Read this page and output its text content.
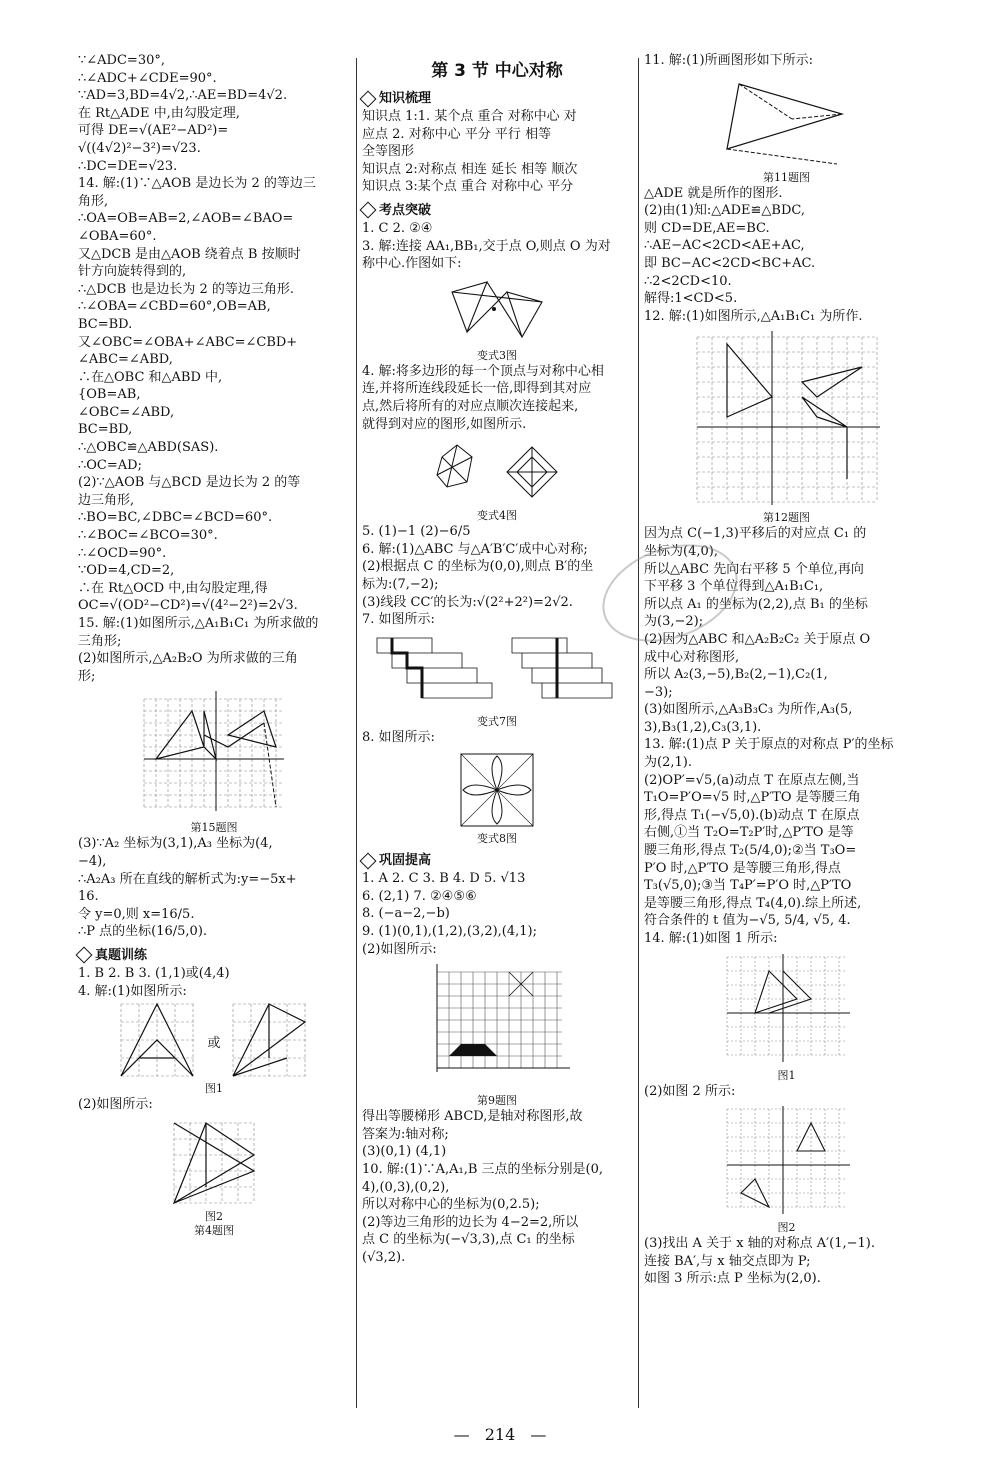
∵∠ADC=30°,
∴∠ADC+∠CDE=90°.
∵AD=3,BD=4√2,∴AE=BD=4√2.
在 Rt△ADE 中,由勾股定理,
可得 DE=√(AE²−AD²)=
√((4√2)²−3²)=√23.
∴DC=DE=√23.
14. 解:(1)∵△AOB 是边长为 2 的等边三
角形,
∴OA=OB=AB=2,∠AOB=∠BAO=
∠OBA=60°.
又△DCB 是由△AOB 绕着点 B 按顺时
针方向旋转得到的,
∴△DCB 也是边长为 2 的等边三角形.
∴∠OBA=∠CBD=60°,OB=AB,
BC=BD.
又∠OBC=∠OBA+∠ABC=∠CBD+
∠ABC=∠ABD,
∴在△OBC 和△ABD 中,
{OB=AB,
∠OBC=∠ABD,
BC=BD,
∴△OBC≌△ABD(SAS).
∴OC=AD;
(2)∵△AOB 与△BCD 是边长为 2 的等
边三角形,
∴BO=BC,∠DBC=∠BCD=60°.
∴∠BOC=∠BCO=30°.
∴∠OCD=90°.
∵OD=4,CD=2,
∴在 Rt△OCD 中,由勾股定理,得
OC=√(OD²−CD²)=√(4²−2²)=2√3.
15. 解:(1)如图所示,△A₁B₁C₁ 为所求做的
三角形;
(2)如图所示,△A₂B₂O 为所求做的三角
形;
第15题图
(3)∵A₂ 坐标为(3,1),A₃ 坐标为(4,
−4),
∴A₂A₃ 所在直线的解析式为:y=−5x+
16.
令 y=0,则 x=16/5.
∴P 点的坐标(16/5,0).
真题训练
1. B 2. B 3. (1,1)或(4,4)
4. 解:(1)如图所示:
或
图1
(2)如图所示:
图2
第4题图
第 3 节 中心对称
知识梳理
知识点 1:1. 某个点 重合 对称中心 对
应点 2. 对称中心 平分 平行 相等
全等图形
知识点 2:对称点 相连 延长 相等 顺次
知识点 3:某个点 重合 对称中心 平分
考点突破
1. C 2. ②④
3. 解:连接 AA₁,BB₁,交于点 O,则点 O 为对
称中心.作图如下:
变式3图
4. 解:将多边形的每一个顶点与对称中心相
连,并将所连线段延长一倍,即得到其对应
点,然后将所有的对应点顺次连接起来,
就得到对应的图形,如图所示.
变式4图
5. (1)−1 (2)−6/5
6. 解:(1)△ABC 与△A′B′C′成中心对称;
(2)根据点 C 的坐标为(0,0),则点 B′的坐
标为:(7,−2);
(3)线段 CC′的长为:√(2²+2²)=2√2.
7. 如图所示:
变式7图
8. 如图所示:
变式8图
巩固提高
1. A 2. C 3. B 4. D 5. √13
6. (2,1) 7. ②④⑤⑥
8. (−a−2,−b)
9. (1)(0,1),(1,2),(3,2),(4,1);
(2)如图所示:
第9题图
得出等腰梯形 ABCD,是轴对称图形,故
答案为:轴对称;
(3)(0,1) (4,1)
10. 解:(1)∵A,A₁,B 三点的坐标分别是(0,
4),(0,3),(0,2),
所以对称中心的坐标为(0,2.5);
(2)等边三角形的边长为 4−2=2,所以
点 C 的坐标为(−√3,3),点 C₁ 的坐标
(√3,2).
11. 解:(1)所画图形如下所示:
第11题图
△ADE 就是所作的图形.
(2)由(1)知:△ADE≌△BDC,
则 CD=DE,AE=BC.
∴AE−AC<2CD<AE+AC,
即 BC−AC<2CD<BC+AC.
∴2<2CD<10.
解得:1<CD<5.
12. 解:(1)如图所示,△A₁B₁C₁ 为所作.
第12题图
因为点 C(−1,3)平移后的对应点 C₁ 的
坐标为(4,0),
所以△ABC 先向右平移 5 个单位,再向
下平移 3 个单位得到△A₁B₁C₁,
所以点 A₁ 的坐标为(2,2),点 B₁ 的坐标
为(3,−2);
(2)因为△ABC 和△A₂B₂C₂ 关于原点 O
成中心对称图形,
所以 A₂(3,−5),B₂(2,−1),C₂(1,
−3);
(3)如图所示,△A₃B₃C₃ 为所作,A₃(5,
3),B₃(1,2),C₃(3,1).
13. 解:(1)点 P 关于原点的对称点 P′的坐标
为(2,1).
(2)OP′=√5,(a)动点 T 在原点左侧,当
T₁O=P′O=√5 时,△P′TO 是等腰三角
形,得点 T₁(−√5,0).(b)动点 T 在原点
右侧,①当 T₂O=T₂P′时,△P′TO 是等
腰三角形,得点 T₂(5/4,0);②当 T₃O=
P′O 时,△P′TO 是等腰三角形,得点
T₃(√5,0);③当 T₄P′=P′O 时,△P′TO
是等腰三角形,得点 T₄(4,0).综上所述,
符合条件的 t 值为−√5, 5/4, √5, 4.
14. 解:(1)如图 1 所示:
图1
(2)如图 2 所示:
图2
(3)找出 A 关于 x 轴的对称点 A′(1,−1).
连接 BA′,与 x 轴交点即为 P;
如图 3 所示:点 P 坐标为(2,0).
— 214 —
